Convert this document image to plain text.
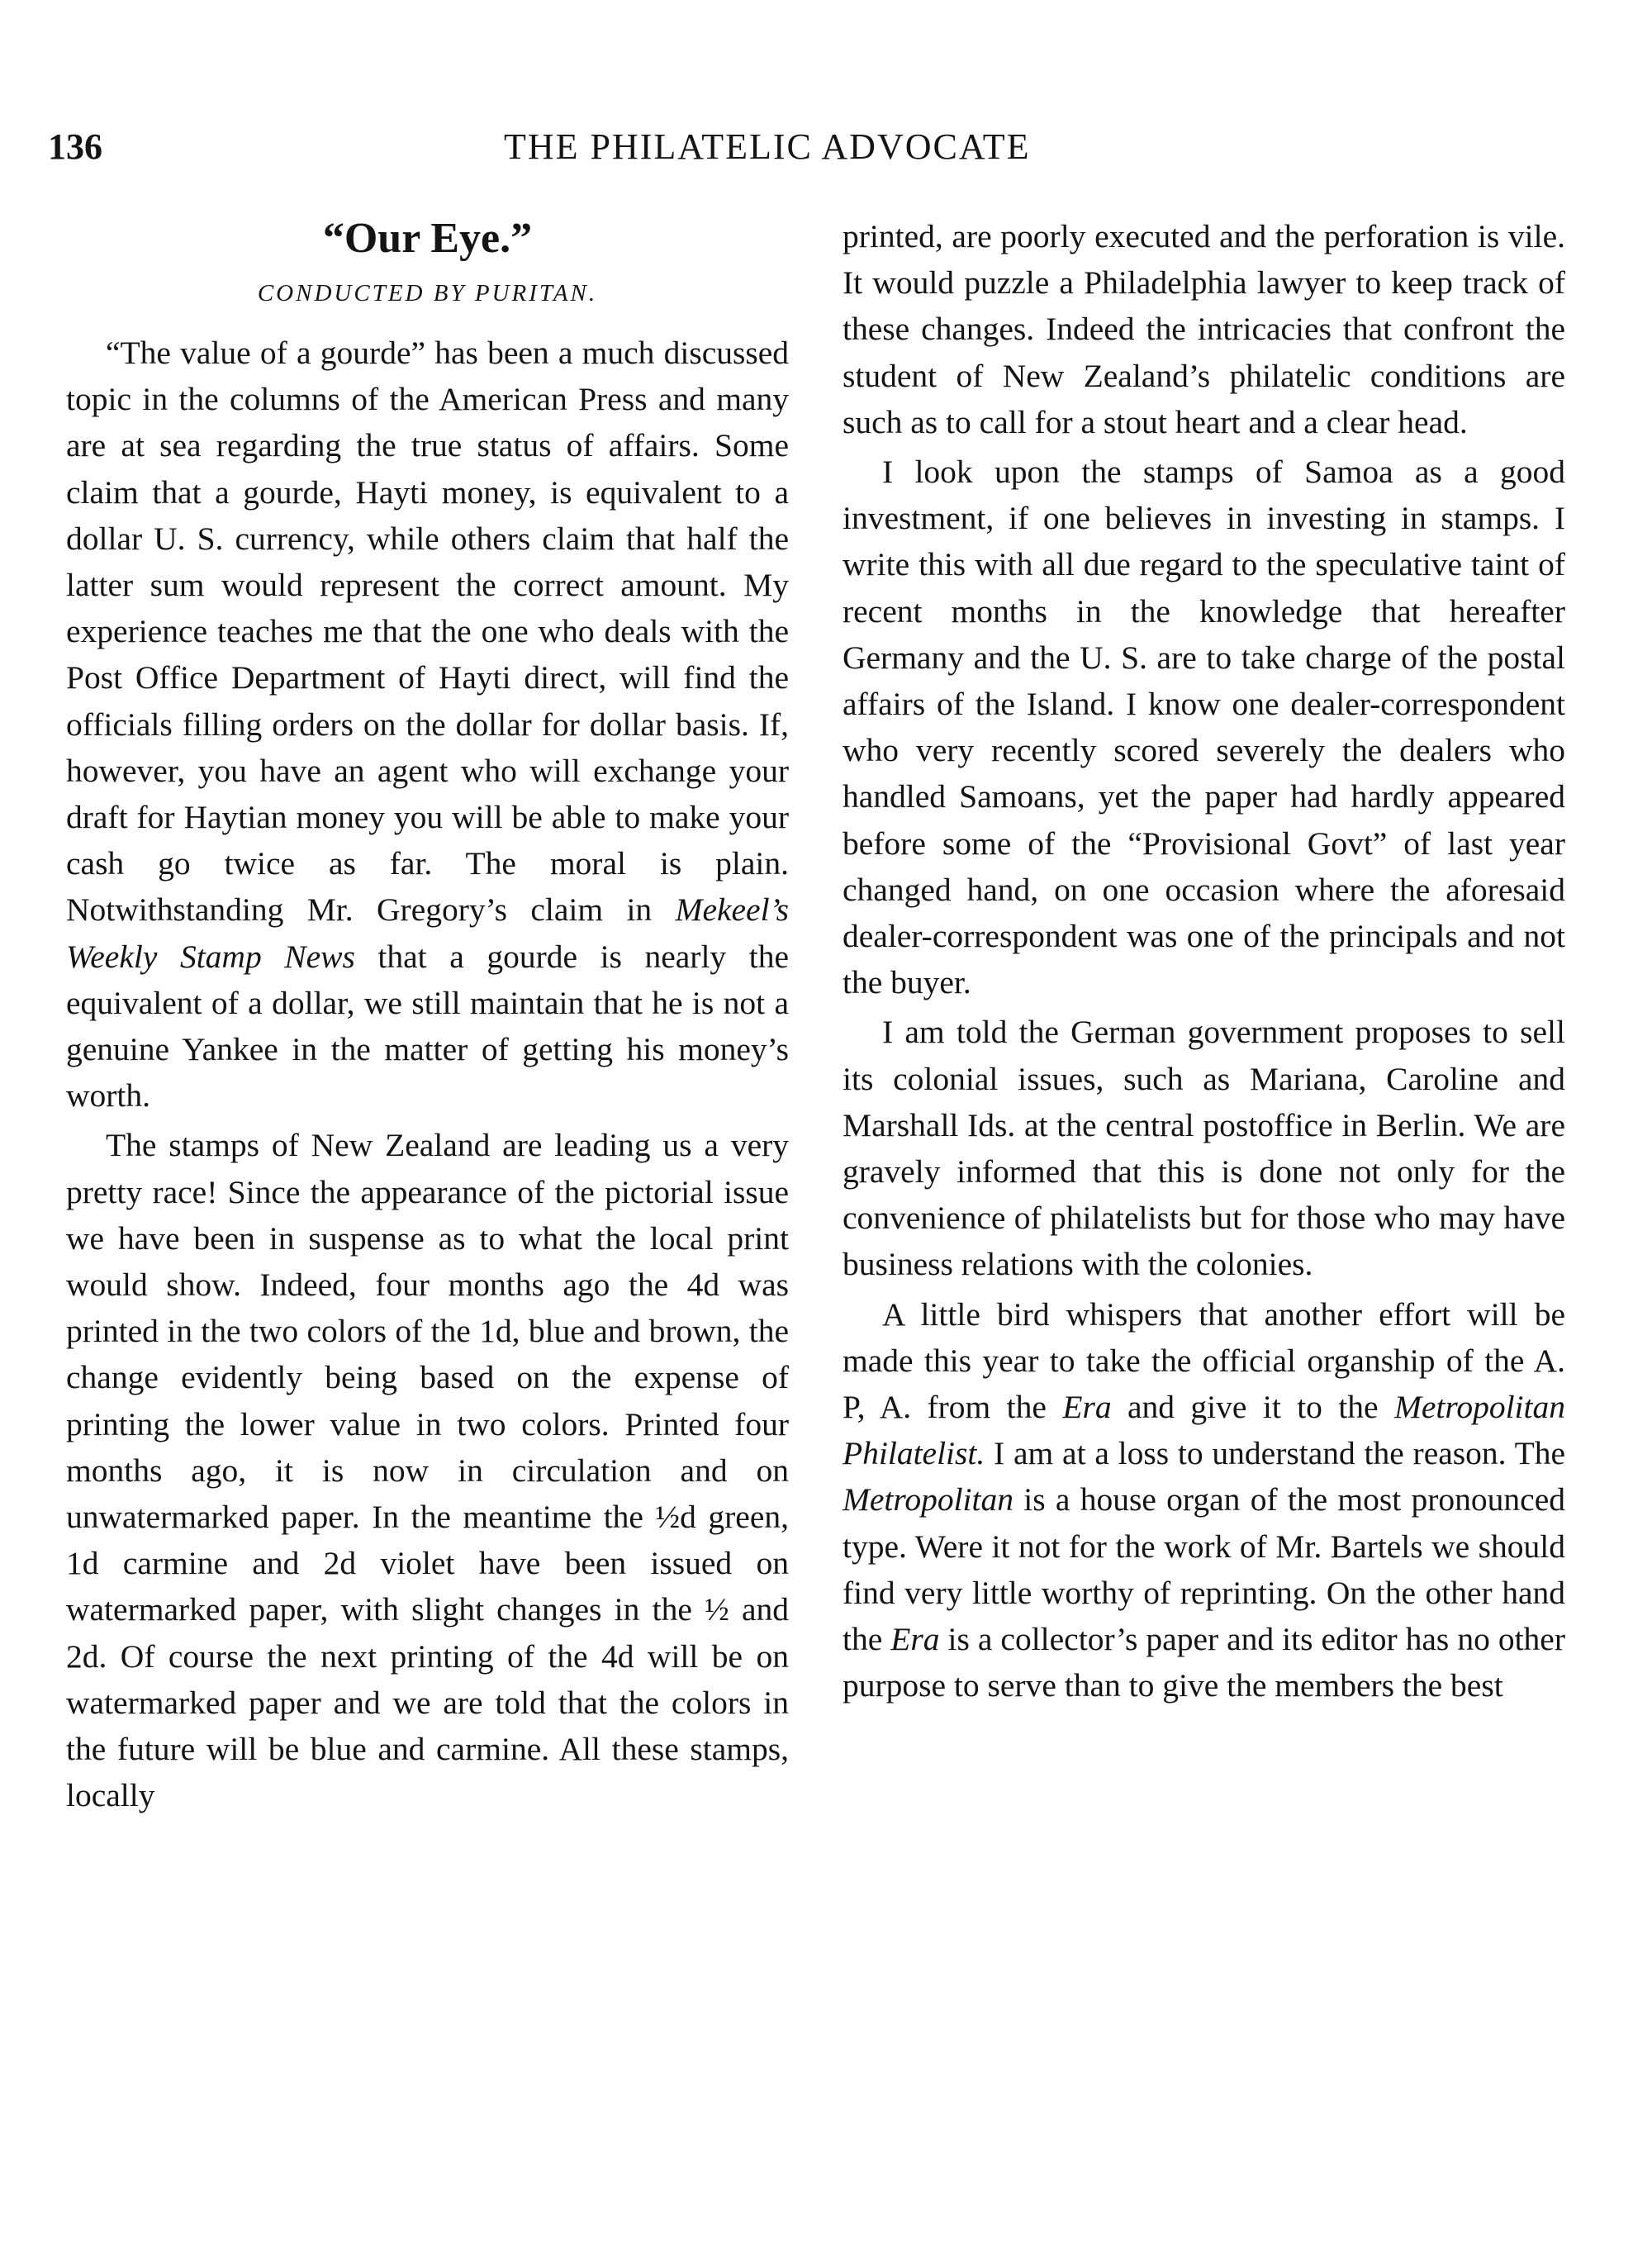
136	THE PHILATELIC ADVOCATE
“Our Eye.”
CONDUCTED BY PURITAN.

“The value of a gourde” has been a much discussed topic in the columns of the American Press and many are at sea regarding the true status of affairs. Some claim that a gourde, Hayti money, is equivalent to a dollar U. S. currency, while others claim that half the latter sum would represent the correct amount. My experience teaches me that the one who deals with the Post Office Department of Hayti direct, will find the officials filling orders on the dollar for dollar basis. If, however, you have an agent who will exchange your draft for Haytian money you will be able to make your cash go twice as far. The moral is plain. Notwithstanding Mr. Gregory’s claim in Mekeel’s Weekly Stamp News that a gourde is nearly the equivalent of a dollar, we still maintain that he is not a genuine Yankee in the matter of getting his money’s worth.

The stamps of New Zealand are leading us a very pretty race! Since the appearance of the pictorial issue we have been in suspense as to what the local print would show. Indeed, four months ago the 4d was printed in the two colors of the 1d, blue and brown, the change evidently being based on the expense of printing the lower value in two colors. Printed four months ago, it is now in circulation and on unwatermarked paper. In the meantime the ½d green, 1d carmine and 2d violet have been issued on watermarked paper, with slight changes in the ½ and 2d. Of course the next printing of the 4d will be on watermarked paper and we are told that the colors in the future will be blue and carmine. All these stamps, locally

printed, are poorly executed and the perforation is vile. It would puzzle a Philadelphia lawyer to keep track of these changes. Indeed the intricacies that confront the student of New Zealand’s philatelic conditions are such as to call for a stout heart and a clear head.

I look upon the stamps of Samoa as a good investment, if one believes in investing in stamps. I write this with all due regard to the speculative taint of recent months in the knowledge that hereafter Germany and the U. S. are to take charge of the postal affairs of the Island. I know one dealer-correspondent who very recently scored severely the dealers who handled Samoans, yet the paper had hardly appeared before some of the “Provisional Govt” of last year changed hand, on one occasion where the aforesaid dealer-correspondent was one of the principals and not the buyer.

I am told the German government proposes to sell its colonial issues, such as Mariana, Caroline and Marshall Ids. at the central postoffice in Berlin. We are gravely informed that this is done not only for the convenience of philatelists but for those who may have business relations with the colonies.

A little bird whispers that another effort will be made this year to take the official organship of the A. P, A. from the Era and give it to the Metropolitan Philatelist. I am at a loss to understand the reason. The Metropolitan is a house organ of the most pronounced type. Were it not for the work of Mr. Bartels we should find very little worthy of reprinting. On the other hand the Era is a collector’s paper and its editor has no other purpose to serve than to give the members the best
